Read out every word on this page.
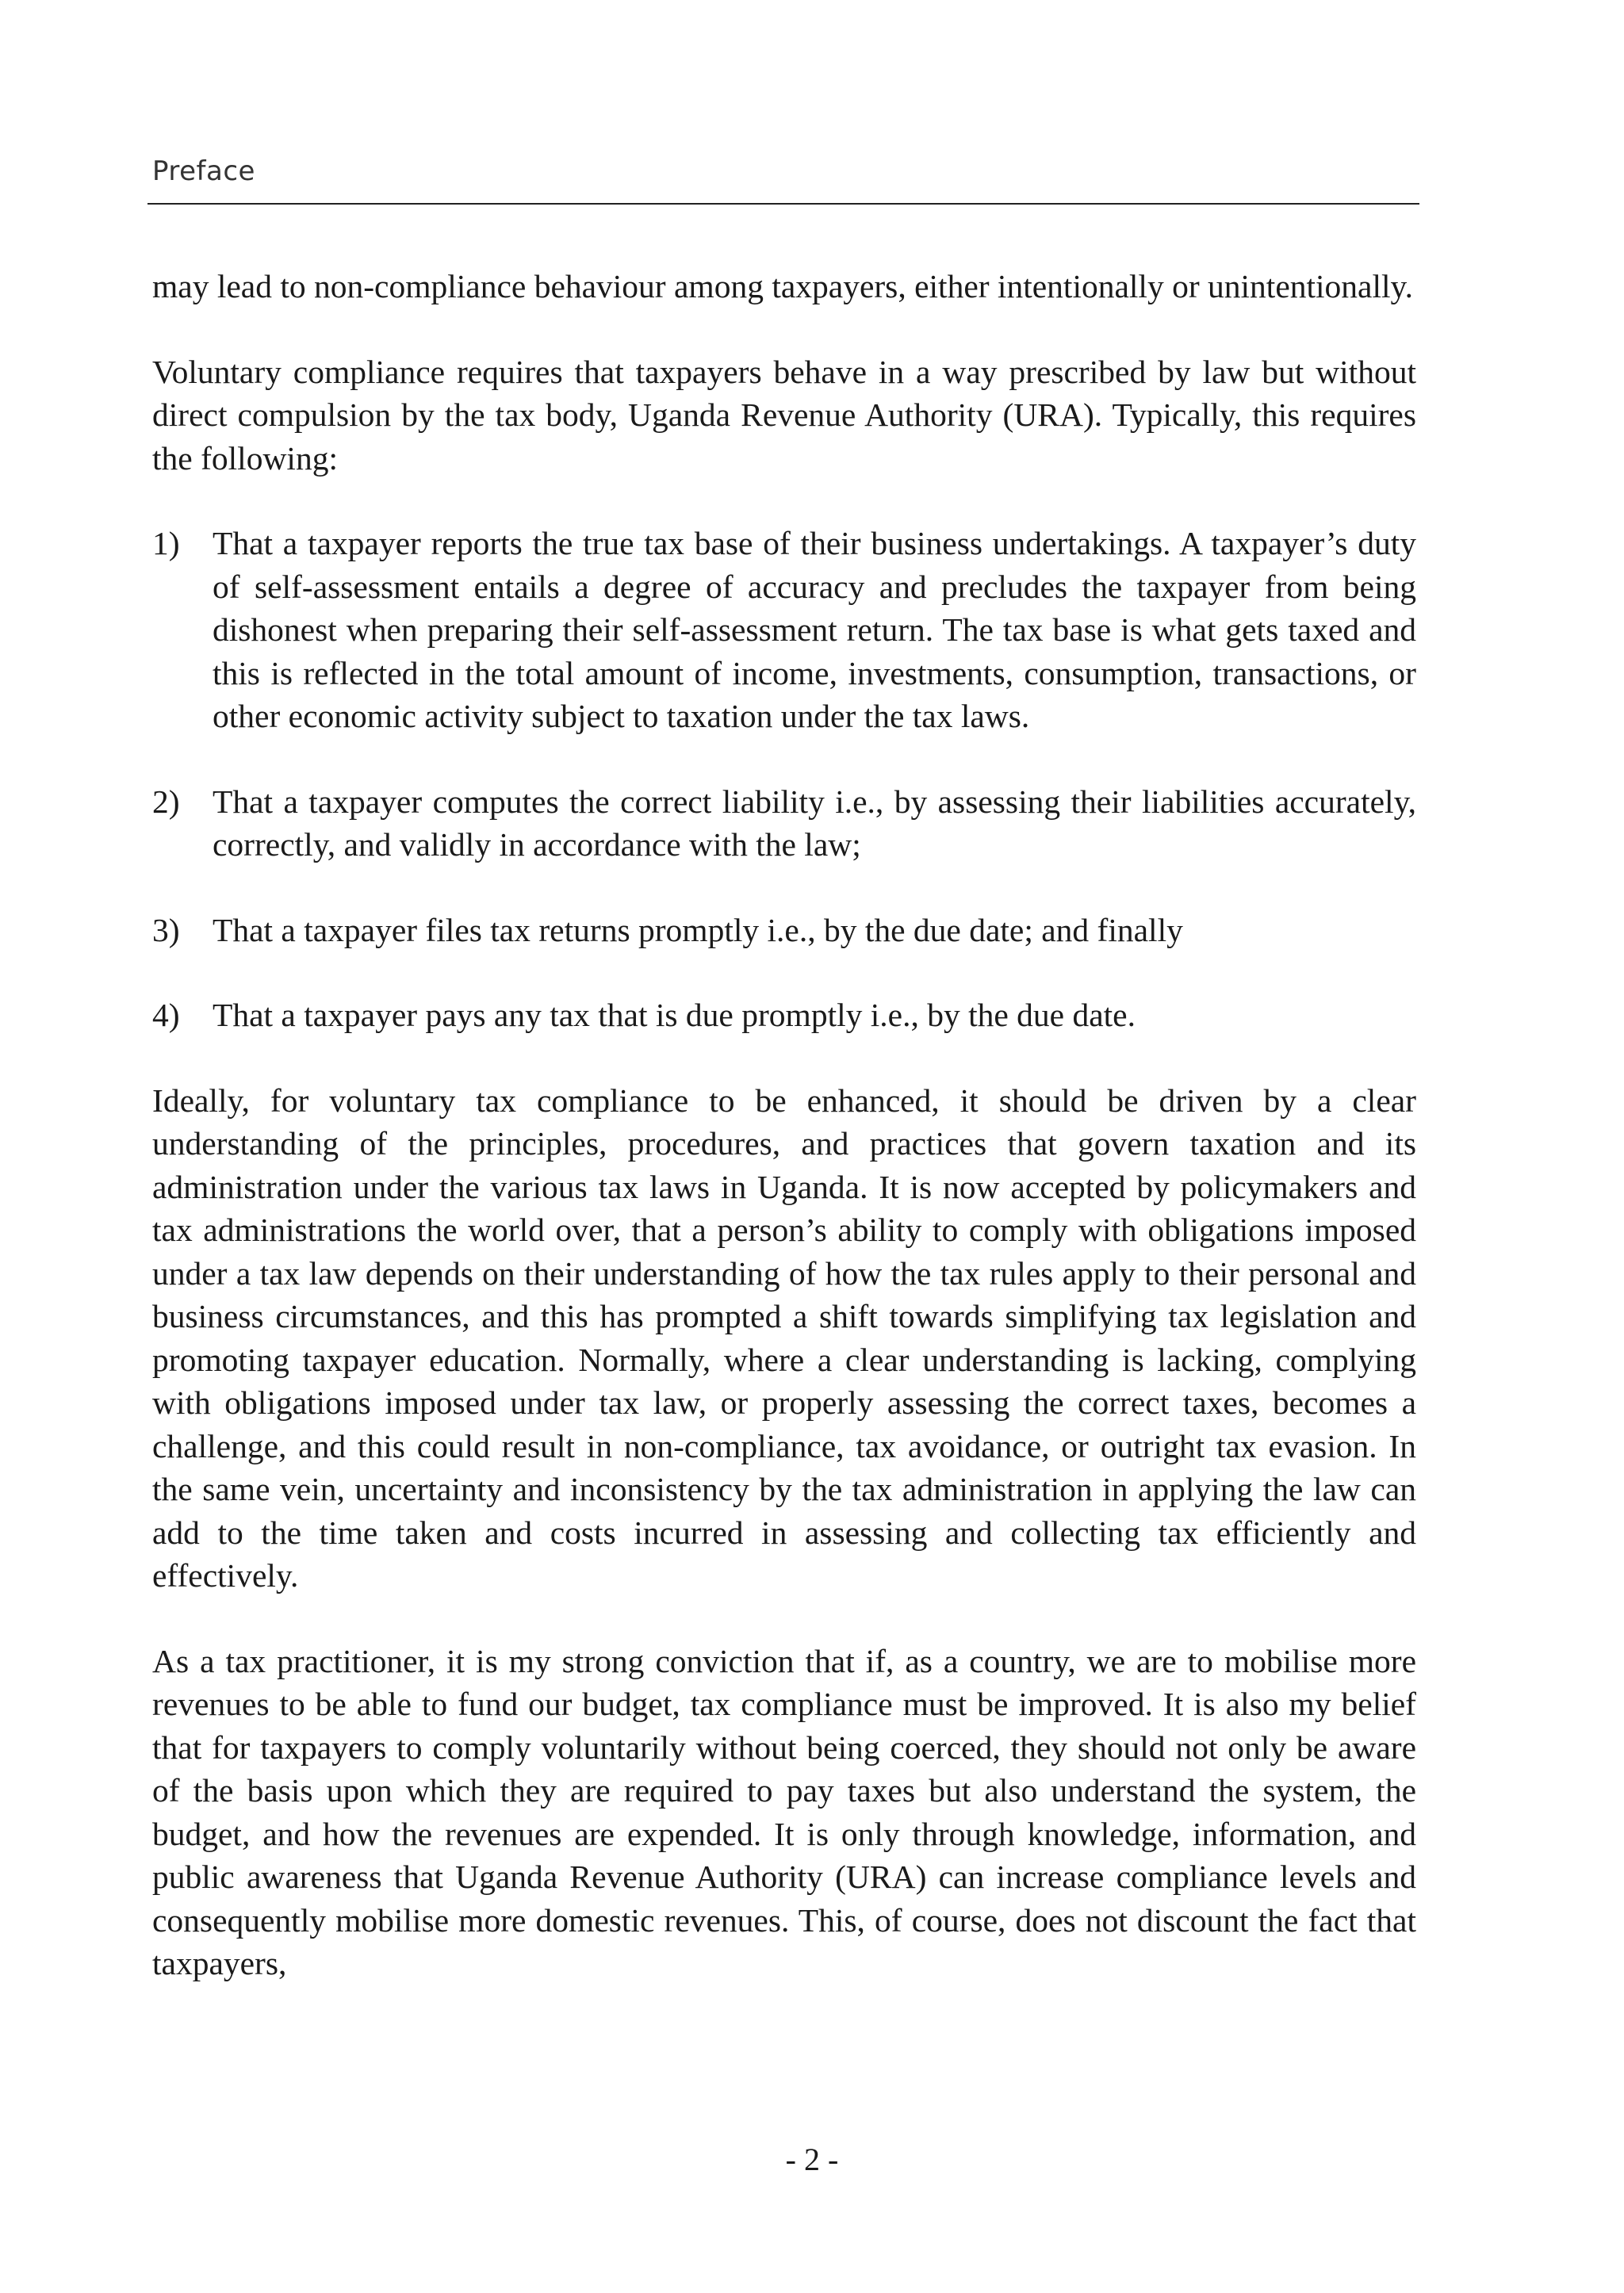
Preface

may lead to non-compliance behaviour among taxpayers, either intentionally or unintentionally.

Voluntary compliance requires that taxpayers behave in a way prescribed by law but without direct compulsion by the tax body, Uganda Revenue Authority (URA). Typically, this requires the following:

1) That a taxpayer reports the true tax base of their business undertakings. A taxpayer’s duty of self-assessment entails a degree of accuracy and precludes the taxpayer from being dishonest when preparing their self-assessment return. The tax base is what gets taxed and this is reflected in the total amount of income, investments, consumption, transactions, or other economic activity subject to taxation under the tax laws.
2) That a taxpayer computes the correct liability i.e., by assessing their liabilities accurately, correctly, and validly in accordance with the law;
3) That a taxpayer files tax returns promptly i.e., by the due date; and finally
4) That a taxpayer pays any tax that is due promptly i.e., by the due date.

Ideally, for voluntary tax compliance to be enhanced, it should be driven by a clear understanding of the principles, procedures, and practices that govern taxation and its administration under the various tax laws in Uganda. It is now accepted by policymakers and tax administrations the world over, that a person’s ability to comply with obligations imposed under a tax law depends on their understanding of how the tax rules apply to their personal and business circumstances, and this has prompted a shift towards simplifying tax legislation and promoting taxpayer education. Normally, where a clear understanding is lacking, complying with obligations imposed under tax law, or properly assessing the correct taxes, becomes a challenge, and this could result in non-compliance, tax avoidance, or outright tax evasion. In the same vein, uncertainty and inconsistency by the tax administration in applying the law can add to the time taken and costs incurred in assessing and collecting tax efficiently and effectively.

As a tax practitioner, it is my strong conviction that if, as a country, we are to mobilise more revenues to be able to fund our budget, tax compliance must be improved. It is also my belief that for taxpayers to comply voluntarily without being coerced, they should not only be aware of the basis upon which they are required to pay taxes but also understand the system, the budget, and how the revenues are expended. It is only through knowledge, information, and public awareness that Uganda Revenue Authority (URA) can increase compliance levels and consequently mobilise more domestic revenues. This, of course, does not discount the fact that taxpayers,

- 2 -
